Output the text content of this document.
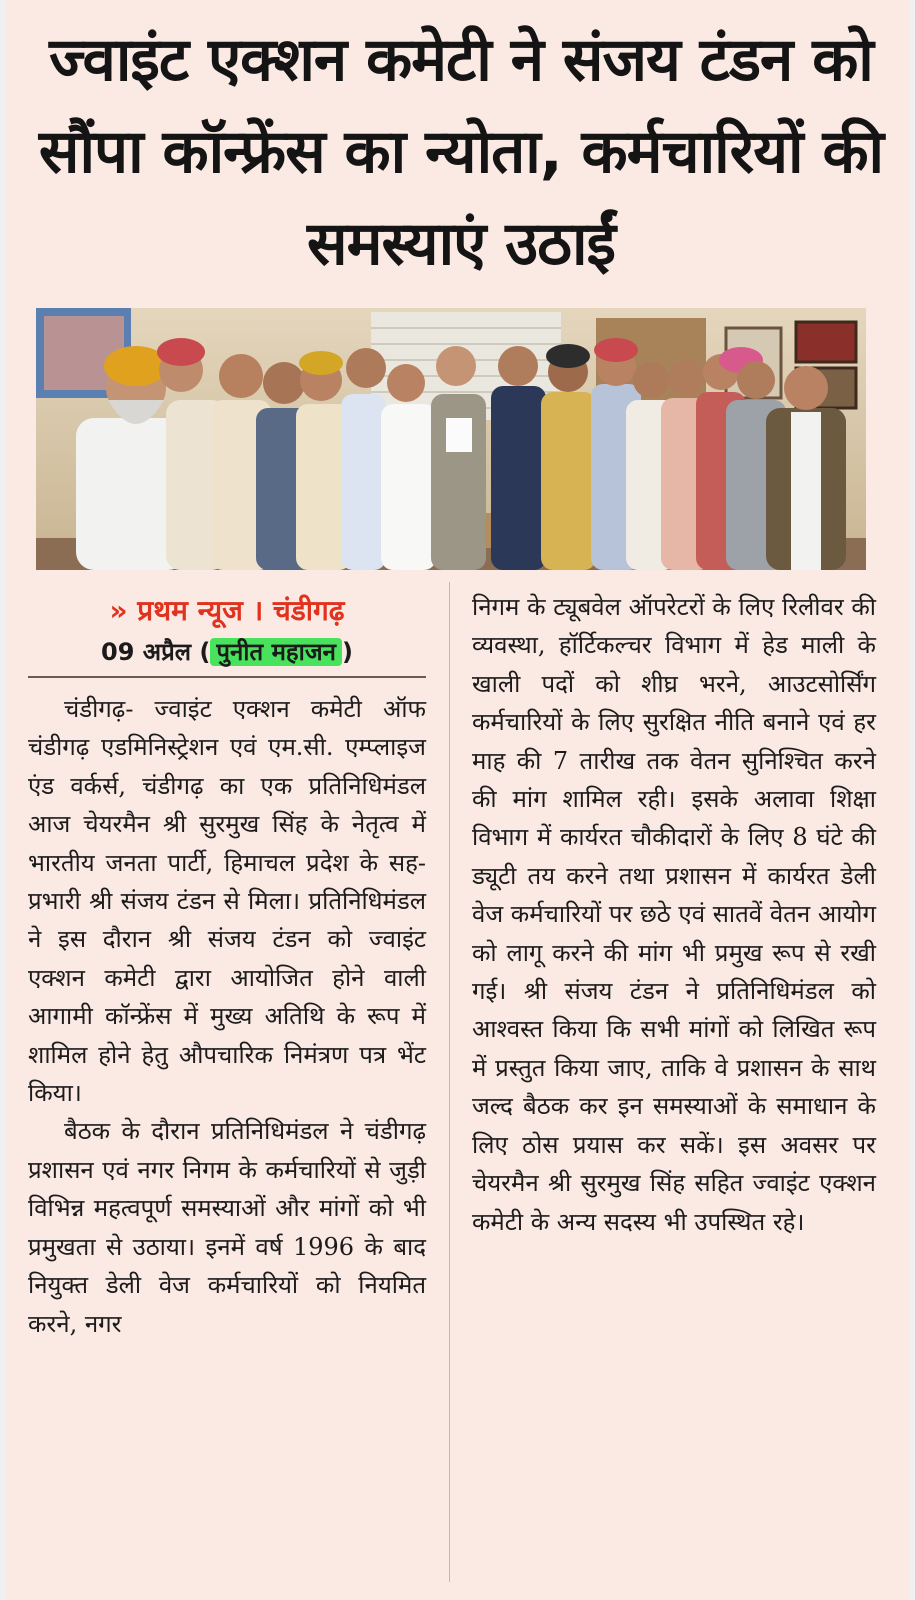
ज्वाइंट एक्शन कमेटी ने संजय टंडन को सौंपा कॉन्फ्रेंस का न्योता, कर्मचारियों की समस्याएं उठाईं

» प्रथम न्यूज । चंडीगढ़

09 अप्रैल ( पुनीत महाजन )

चंडीगढ़- ज्वाइंट एक्शन कमेटी ऑफ चंडीगढ़ एडमिनिस्ट्रेशन एवं एम.सी. एम्प्लाइज एंड वर्कर्स, चंडीगढ़ का एक प्रतिनिधिमंडल आज चेयरमैन श्री सुरमुख सिंह के नेतृत्व में भारतीय जनता पार्टी, हिमाचल प्रदेश के सह-प्रभारी श्री संजय टंडन से मिला। प्रतिनिधिमंडल ने इस दौरान श्री संजय टंडन को ज्वाइंट एक्शन कमेटी द्वारा आयोजित होने वाली आगामी कॉन्फ्रेंस में मुख्य अतिथि के रूप में शामिल होने हेतु औपचारिक निमंत्रण पत्र भेंट किया।

बैठक के दौरान प्रतिनिधिमंडल ने चंडीगढ़ प्रशासन एवं नगर निगम के कर्मचारियों से जुड़ी विभिन्न महत्वपूर्ण समस्याओं और मांगों को भी प्रमुखता से उठाया। इनमें वर्ष 1996 के बाद नियुक्त डेली वेज कर्मचारियों को नियमित करने, नगर

निगम के ट्यूबवेल ऑपरेटरों के लिए रिलीवर की व्यवस्था, हॉर्टिकल्चर विभाग में हेड माली के खाली पदों को शीघ्र भरने, आउटसोर्सिंग कर्मचारियों के लिए सुरक्षित नीति बनाने एवं हर माह की 7 तारीख तक वेतन सुनिश्चित करने की मांग शामिल रही। इसके अलावा शिक्षा विभाग में कार्यरत चौकीदारों के लिए 8 घंटे की ड्यूटी तय करने तथा प्रशासन में कार्यरत डेली वेज कर्मचारियों पर छठे एवं सातवें वेतन आयोग को लागू करने की मांग भी प्रमुख रूप से रखी गई। श्री संजय टंडन ने प्रतिनिधिमंडल को आश्वस्त किया कि सभी मांगों को लिखित रूप में प्रस्तुत किया जाए, ताकि वे प्रशासन के साथ जल्द बैठक कर इन समस्याओं के समाधान के लिए ठोस प्रयास कर सकें। इस अवसर पर चेयरमैन श्री सुरमुख सिंह सहित ज्वाइंट एक्शन कमेटी के अन्य सदस्य भी उपस्थित रहे।
